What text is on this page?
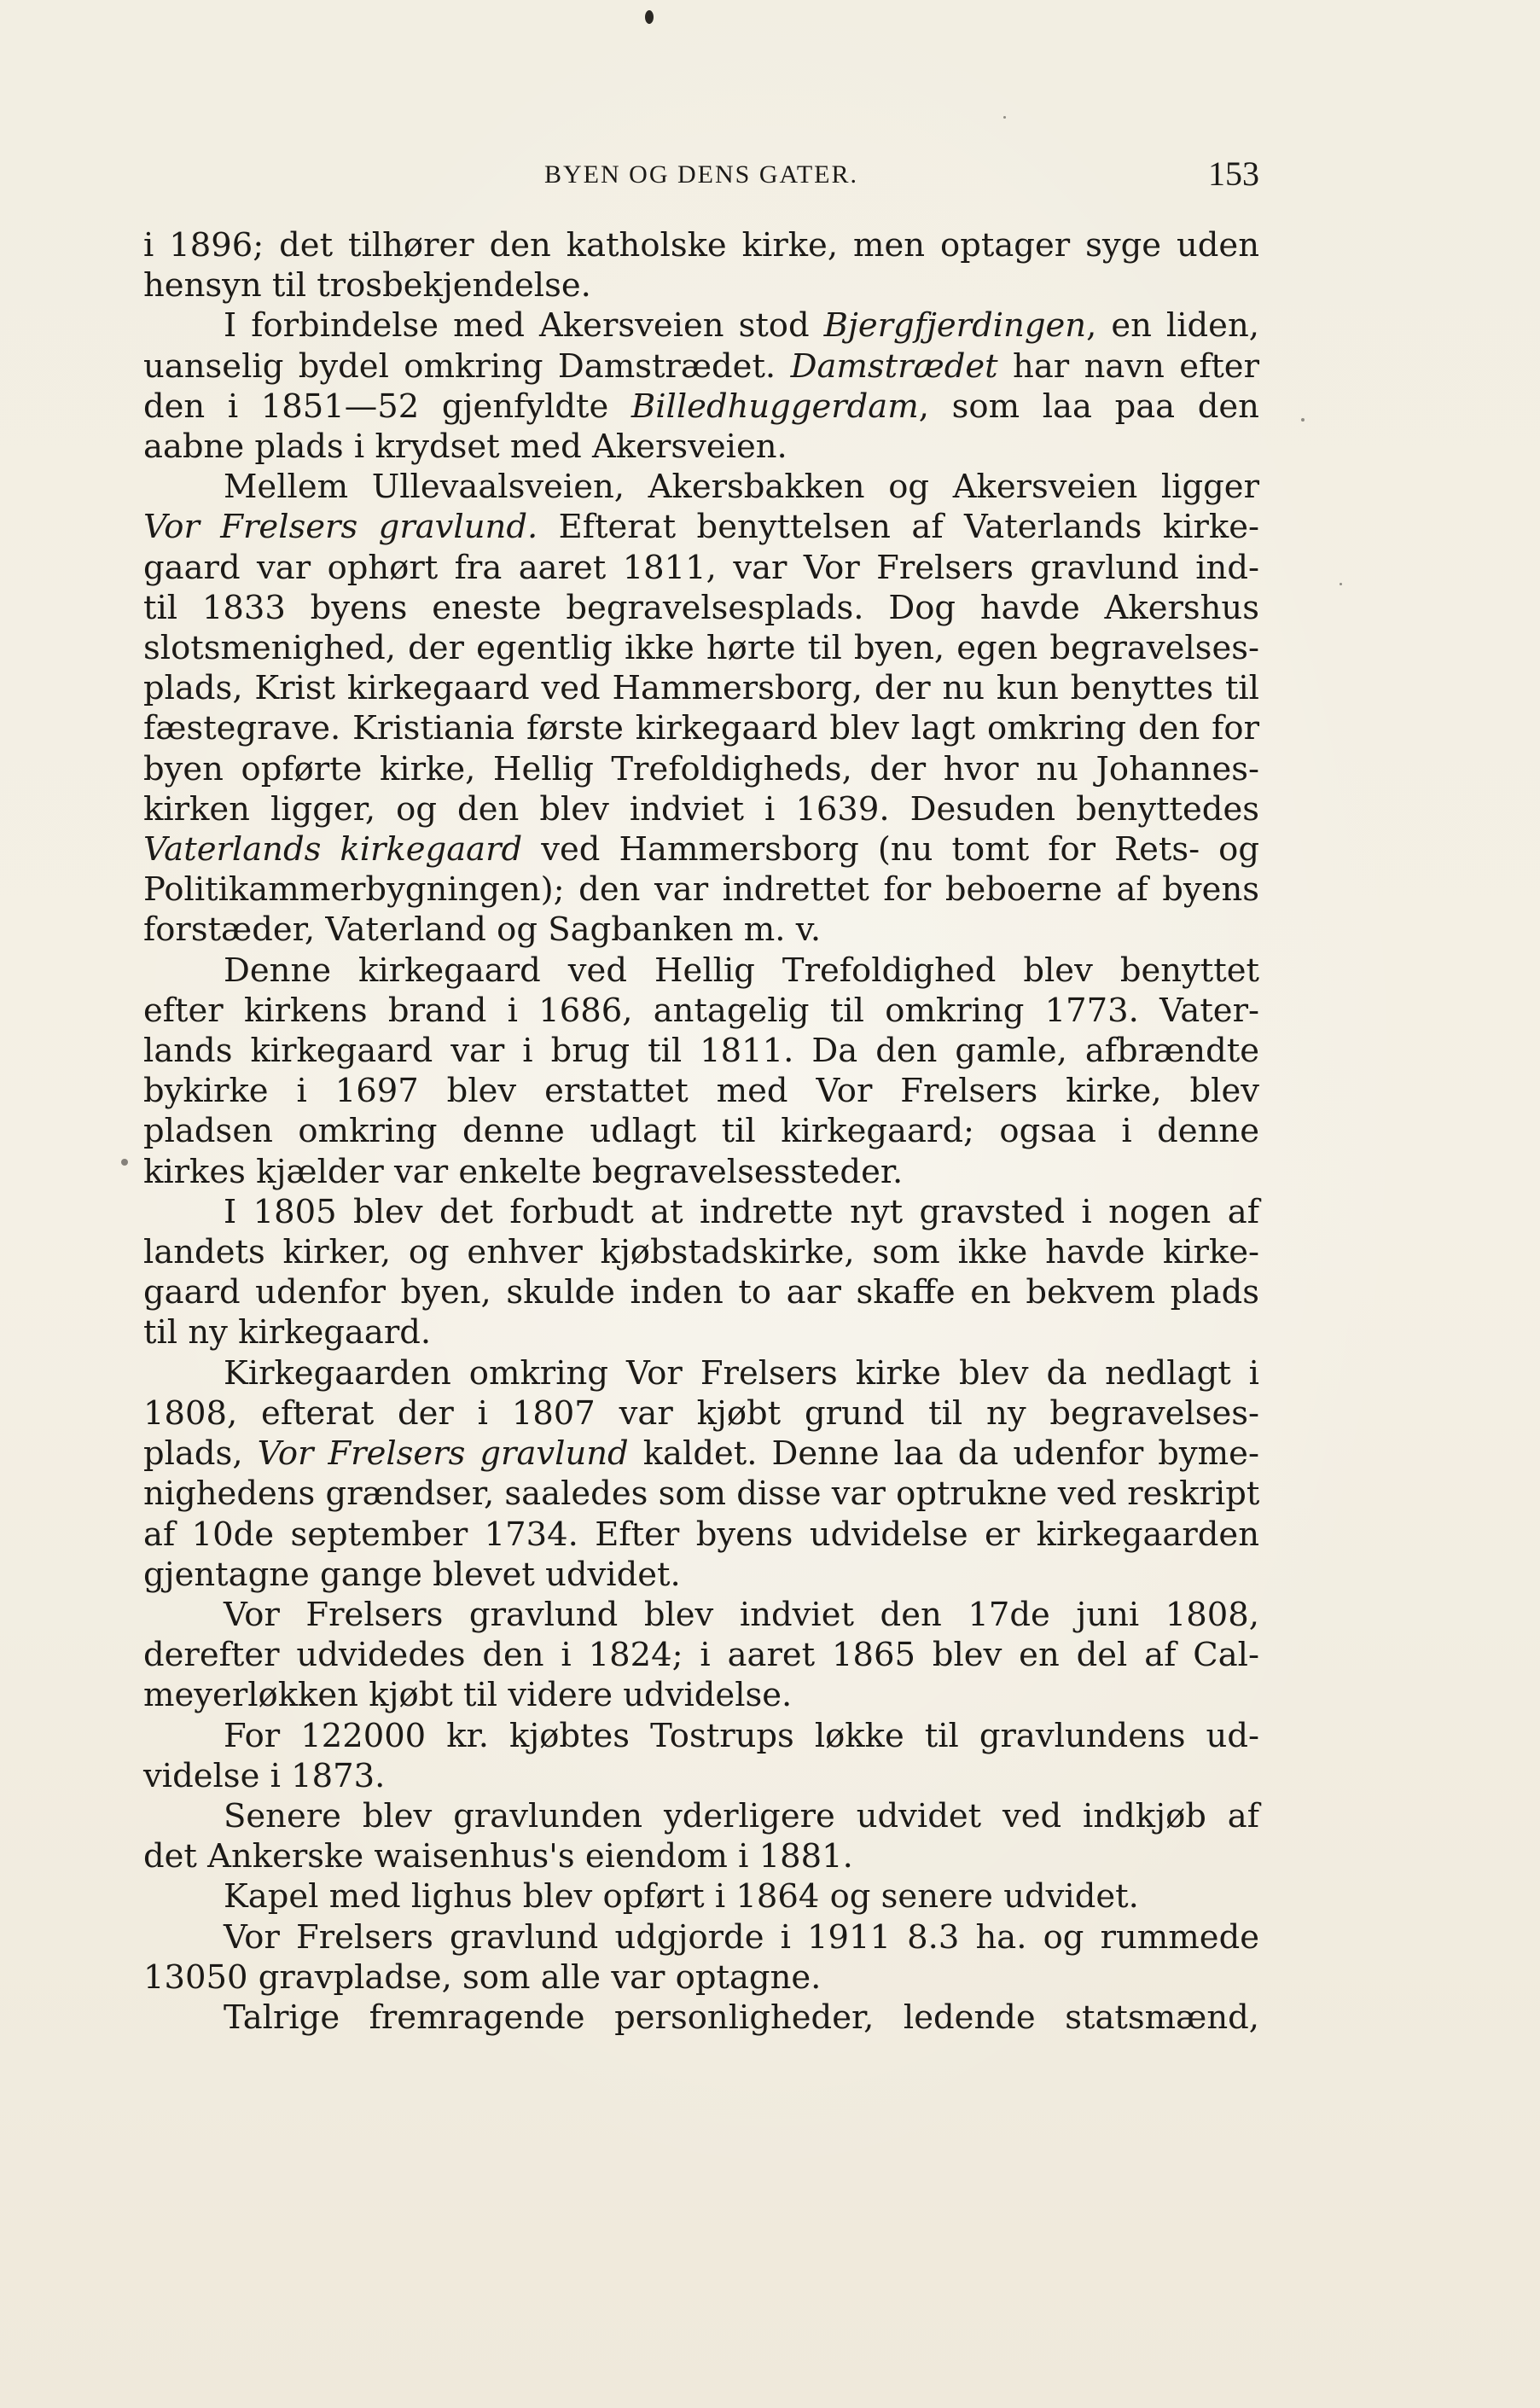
BYEN OG DENS GATER.	153
i 1896; det tilhører den katholske kirke, men optager syge uden
hensyn til trosbekjendelse.
I forbindelse med Akersveien stod Bjergfjerdingen, en liden,
uanselig bydel omkring Damstrædet. Damstrædet har navn efter
den i 1851—52 gjenfyldte Billedhuggerdam, som laa paa den
aabne plads i krydset med Akersveien.
Mellem Ullevaalsveien, Akersbakken og Akersveien ligger
Vor Frelsers gravlund. Efterat benyttelsen af Vaterlands kirke-
gaard var ophørt fra aaret 1811, var Vor Frelsers gravlund ind-
til 1833 byens eneste begravelsesplads. Dog havde Akershus
slotsmenighed, der egentlig ikke hørte til byen, egen begravelses-
plads, Krist kirkegaard ved Hammersborg, der nu kun benyttes til
fæstegrave. Kristiania første kirkegaard blev lagt omkring den for
byen opførte kirke, Hellig Trefoldigheds, der hvor nu Johannes-
kirken ligger, og den blev indviet i 1639. Desuden benyttedes
Vaterlands kirkegaard ved Hammersborg (nu tomt for Rets- og
Politikammerbygningen); den var indrettet for beboerne af byens
forstæder, Vaterland og Sagbanken m. v.
Denne kirkegaard ved Hellig Trefoldighed blev benyttet
efter kirkens brand i 1686, antagelig til omkring 1773. Vater-
lands kirkegaard var i brug til 1811. Da den gamle, afbrændte
bykirke i 1697 blev erstattet med Vor Frelsers kirke, blev
pladsen omkring denne udlagt til kirkegaard; ogsaa i denne
kirkes kjælder var enkelte begravelsessteder.
I 1805 blev det forbudt at indrette nyt gravsted i nogen af
landets kirker, og enhver kjøbstadskirke, som ikke havde kirke-
gaard udenfor byen, skulde inden to aar skaffe en bekvem plads
til ny kirkegaard.
Kirkegaarden omkring Vor Frelsers kirke blev da nedlagt i
1808, efterat der i 1807 var kjøbt grund til ny begravelses-
plads, Vor Frelsers gravlund kaldet. Denne laa da udenfor byme-
nighedens grændser, saaledes som disse var optrukne ved reskript
af 10de september 1734. Efter byens udvidelse er kirkegaarden
gjentagne gange blevet udvidet.
Vor Frelsers gravlund blev indviet den 17de juni 1808,
derefter udvidedes den i 1824; i aaret 1865 blev en del af Cal-
meyerløkken kjøbt til videre udvidelse.
For 122000 kr. kjøbtes Tostrups løkke til gravlundens ud-
videlse i 1873.
Senere blev gravlunden yderligere udvidet ved indkjøb af
det Ankerske waisenhus's eiendom i 1881.
Kapel med lighus blev opført i 1864 og senere udvidet.
Vor Frelsers gravlund udgjorde i 1911 8.3 ha. og rummede
13050 gravpladse, som alle var optagne.
Talrige fremragende personligheder, ledende statsmænd,
